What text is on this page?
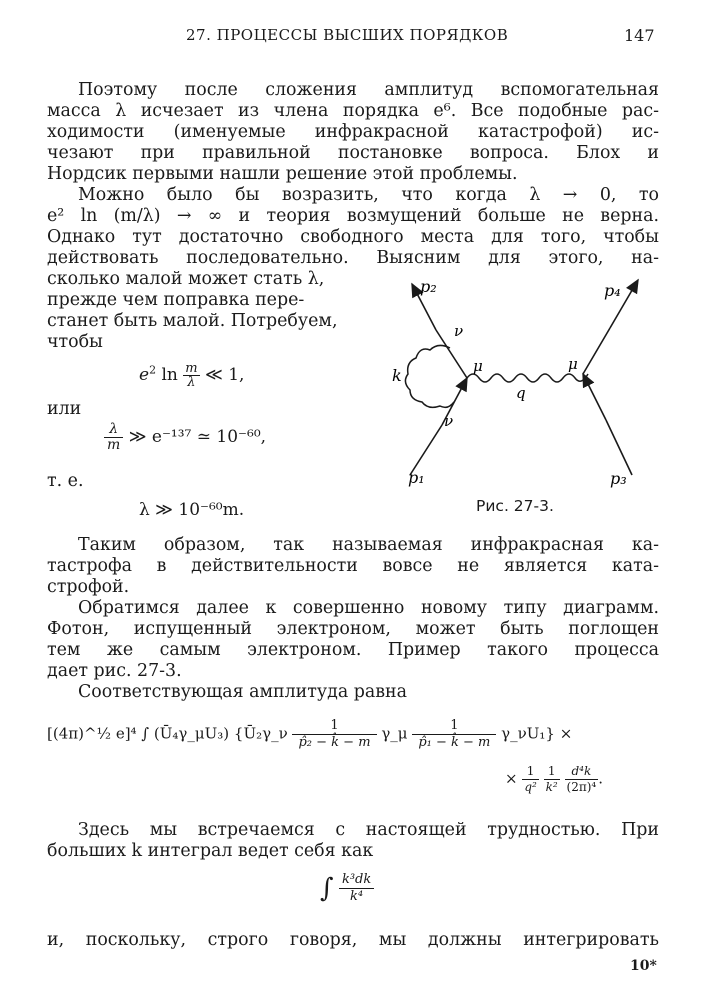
27. ПРОЦЕССЫ ВЫСШИХ ПОРЯДКОВ	147
Поэтому после сложения амплитуд вспомогательная
масса λ исчезает из члена порядка e⁶. Все подобные рас-
ходимости (именуемые инфракрасной катастрофой) ис-
чезают при правильной постановке вопроса. Блох и
Нордсик первыми нашли решение этой проблемы.
Можно было бы возразить, что когда λ → 0, то
e² ln (m/λ) → ∞ и теория возмущений больше не верна.
Однако тут достаточно свободного места для того, чтобы
действовать последовательно. Выясним для этого, на-
сколько малой может стать λ,
прежде чем поправка пере-
станет быть малой. Потребуем,
чтобы
$e^2$ $\ln \frac{m}{\lambda}$ ≪ 1,
или
$\frac{\lambda}{m}$ ≫ e⁻¹³⁷ ≃ 10⁻⁶⁰,
т. е.
λ ≫ 10⁻⁶⁰m.
p₂	p₄
p₁	p₃
ν
ν
μ	μ
k
q
Рис. 27-3.
Таким образом, так называемая инфракрасная ка-
тастрофа в действительности вовсе не является ката-
строфой.
Обратимся далее к совершенно новому типу диаграмм.
Фотон, испущенный электроном, может быть поглощен
тем же самым электроном. Пример такого процесса
дает рис. 27-3.
Соответствующая амплитуда равна
[(4π)^½ e]⁴ ∫ (Ū₄γ_μU₃) {Ū₂γ_ν $\frac{1}{\text{p̂₂ − k̂ − m}}$ γ_μ $\frac{1}{\text{p̂₁ − k̂ − m}}$ γ_νU₁} ×
× $\frac{1}{\text{q²}}$
$\frac{1}{\text{k²}}$
$\frac{\text{d⁴k}}{\text{(2π)⁴}}$ .
Здесь мы встречаемся с настоящей трудностью. При
больших k интеграл ведет себя как
∫ $\frac{\text{k³dk}}{\text{k⁴}}$
и, поскольку, строго говоря, мы должны интегрировать
10*
